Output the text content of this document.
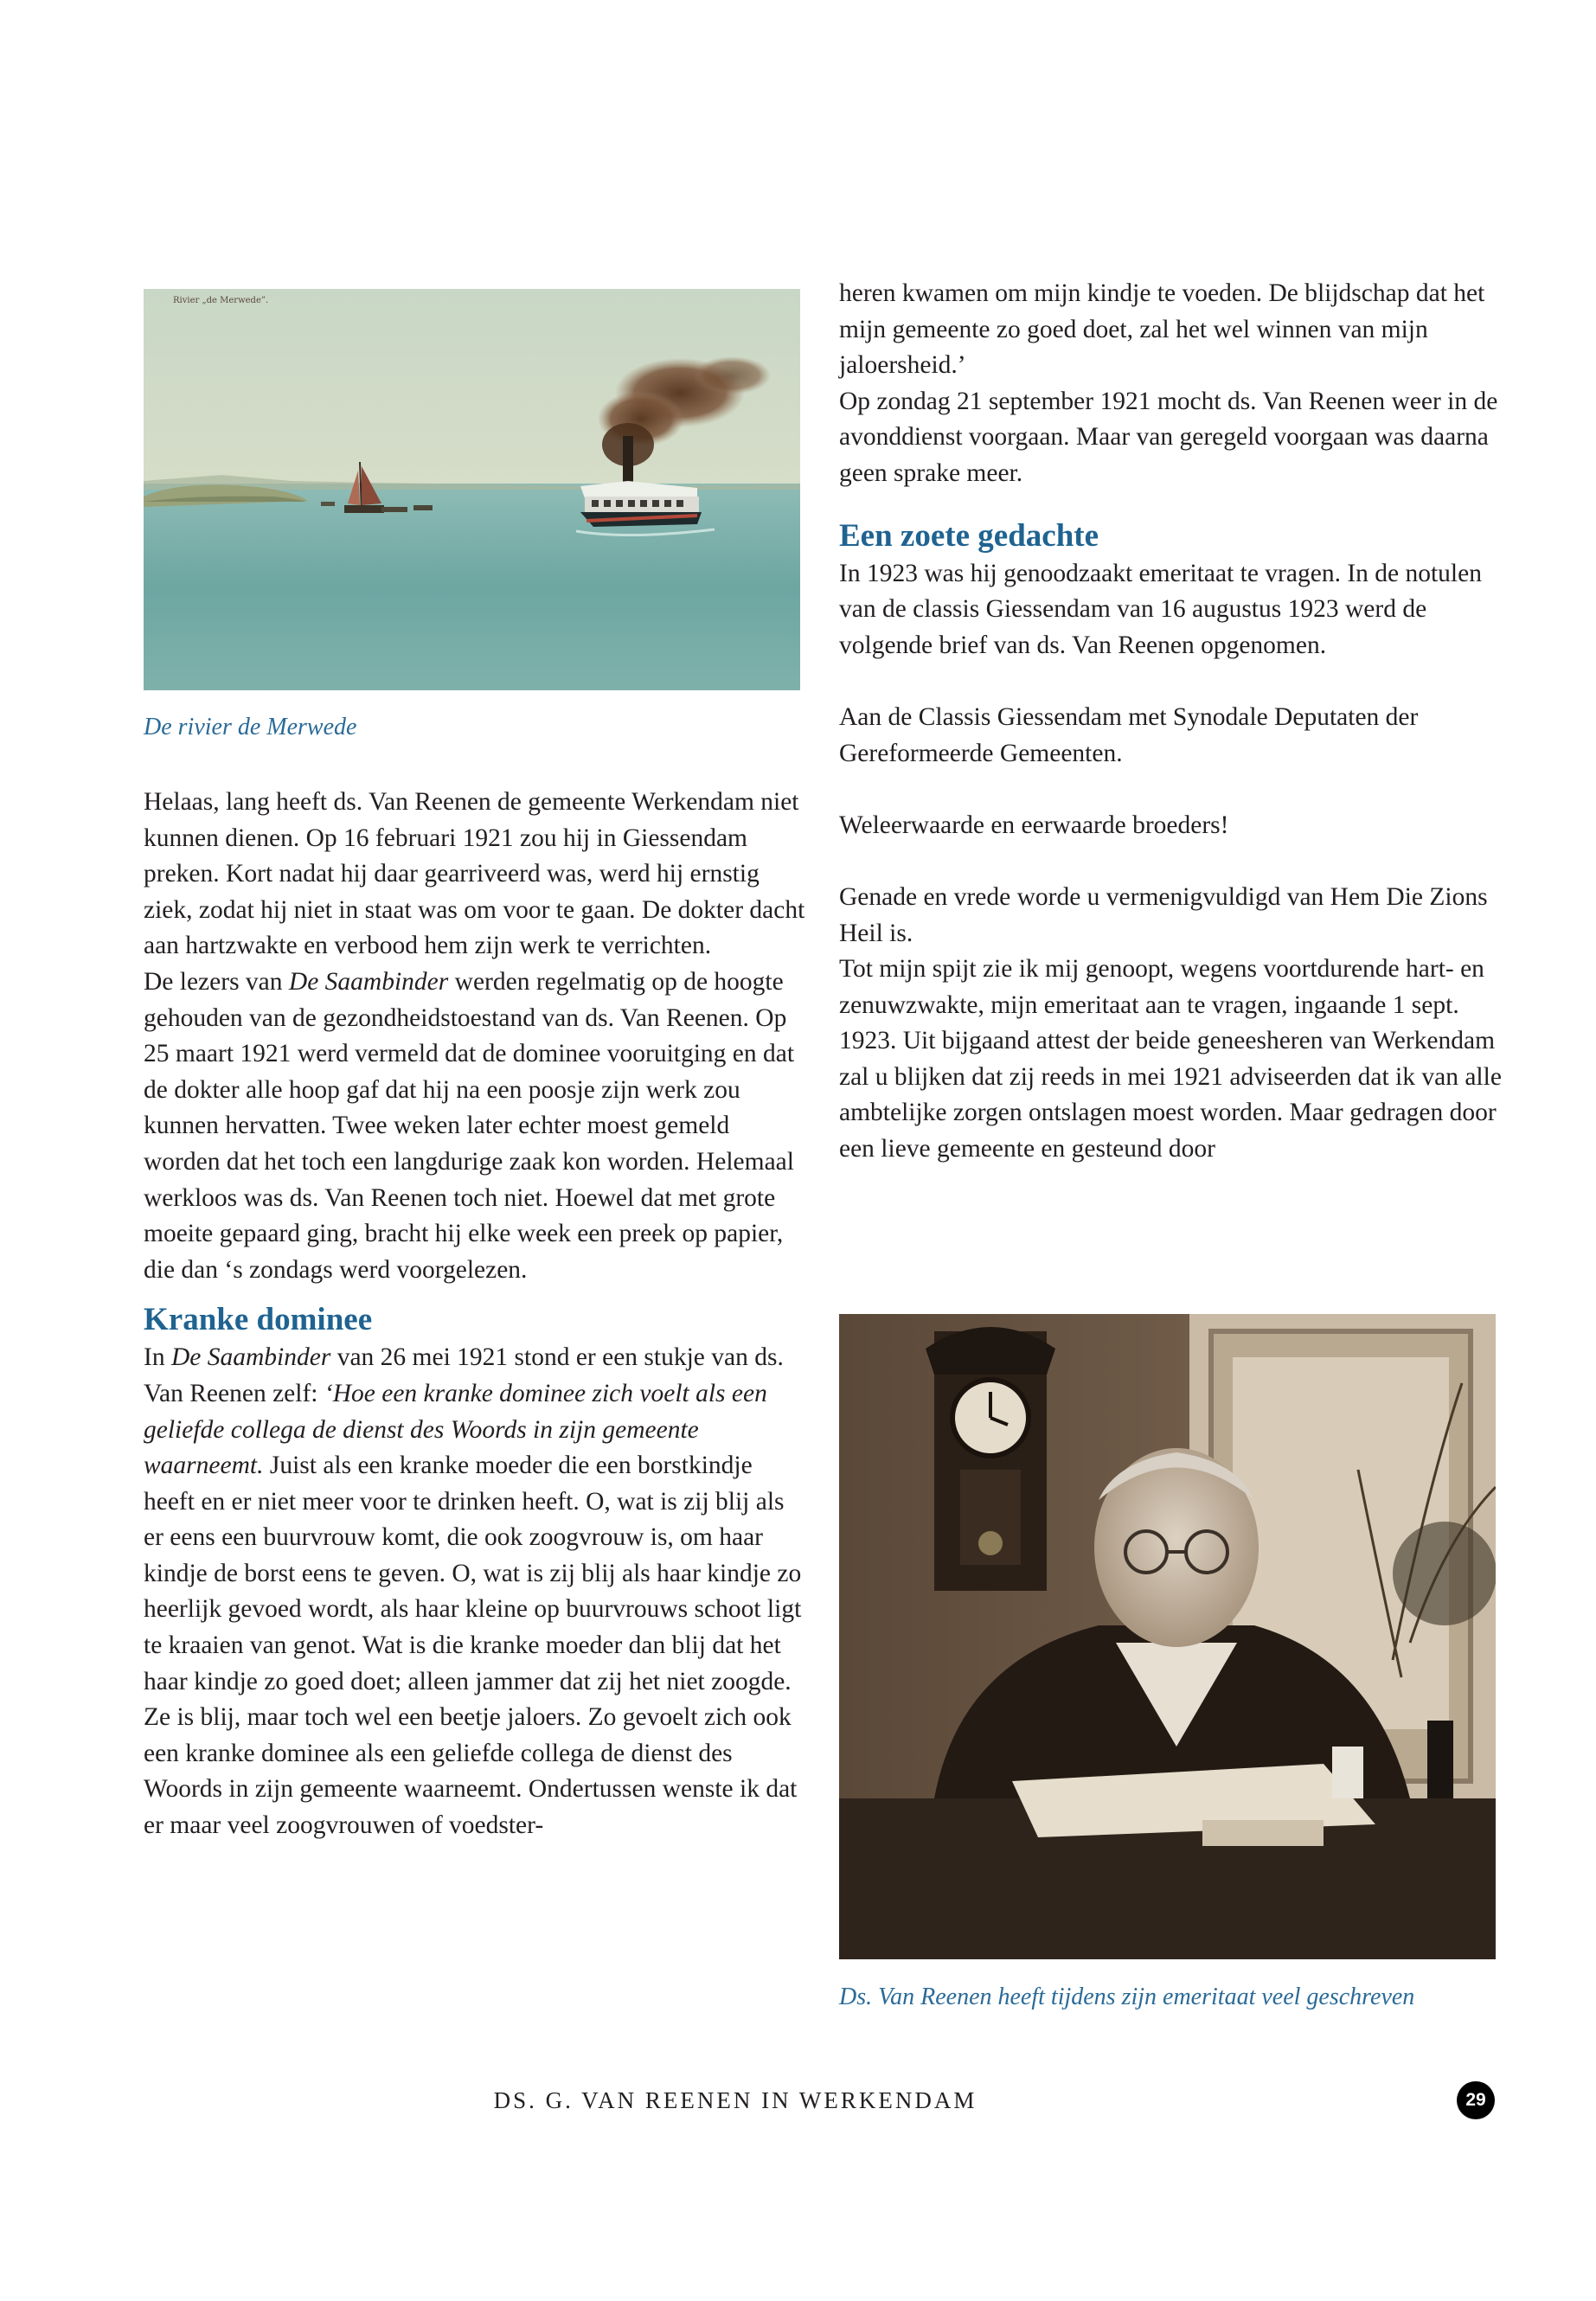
Rivier „de Merwede”.
De rivier de Merwede

Helaas, lang heeft ds. Van Reenen de gemeente Werkendam niet kunnen dienen. Op 16 februari 1921 zou hij in Giessendam preken. Kort nadat hij daar gearriveerd was, werd hij ernstig ziek, zodat hij niet in staat was om voor te gaan. De dokter dacht aan hartzwakte en verbood hem zijn werk te verrichten.

De lezers van De Saambinder werden regelmatig op de hoogte gehouden van de gezondheidstoestand van ds. Van Reenen. Op 25 maart 1921 werd vermeld dat de dominee vooruitging en dat de dokter alle hoop gaf dat hij na een poosje zijn werk zou kunnen hervatten. Twee weken later echter moest gemeld worden dat het toch een langdurige zaak kon worden. Helemaal werkloos was ds. Van Reenen toch niet. Hoewel dat met grote moeite gepaard ging, bracht hij elke week een preek op papier, die dan ‘s zondags werd voorgelezen.

Kranke dominee

In De Saambinder van 26 mei 1921 stond er een stukje van ds. Van Reenen zelf: ‘Hoe een kranke dominee zich voelt als een geliefde collega de dienst des Woords in zijn gemeente waarneemt. Juist als een kranke moeder die een borstkindje heeft en er niet meer voor te drinken heeft. O, wat is zij blij als er eens een buurvrouw komt, die ook zoogvrouw is, om haar kindje de borst eens te geven. O, wat is zij blij als haar kindje zo heerlijk gevoed wordt, als haar kleine op buurvrouws schoot ligt te kraaien van genot. Wat is die kranke moeder dan blij dat het haar kindje zo goed doet; alleen jammer dat zij het niet zoogde. Ze is blij, maar toch wel een beetje jaloers. Zo gevoelt zich ook een kranke dominee als een geliefde collega de dienst des Woords in zijn gemeente waarneemt. Ondertussen wenste ik dat er maar veel zoogvrouwen of voedster-

heren kwamen om mijn kindje te voeden. De blijdschap dat het mijn gemeente zo goed doet, zal het wel winnen van mijn jaloersheid.’

Op zondag 21 september 1921 mocht ds. Van Reenen weer in de avonddienst voorgaan. Maar van geregeld voorgaan was daarna geen sprake meer.

Een zoete gedachte

In 1923 was hij genoodzaakt emeritaat te vragen. In de notulen van de classis Giessendam van 16 augustus 1923 werd de volgende brief van ds. Van Reenen opgenomen.

Aan de Classis Giessendam met Synodale Deputaten der Gereformeerde Gemeenten.

Weleerwaarde en eerwaarde broeders!

Genade en vrede worde u vermenigvuldigd van Hem Die Zions Heil is.

Tot mijn spijt zie ik mij genoopt, wegens voortdurende hart- en zenuwzwakte, mijn emeritaat aan te vragen, ingaande 1 sept. 1923. Uit bijgaand attest der beide geneesheren van Werkendam zal u blijken dat zij reeds in mei 1921 adviseerden dat ik van alle ambtelijke zorgen ontslagen moest worden. Maar gedragen door een lieve gemeente en gesteund door

Ds. Van Reenen heeft tijdens zijn emeritaat veel geschreven
DS. G. VAN REENEN IN WERKENDAM	29
